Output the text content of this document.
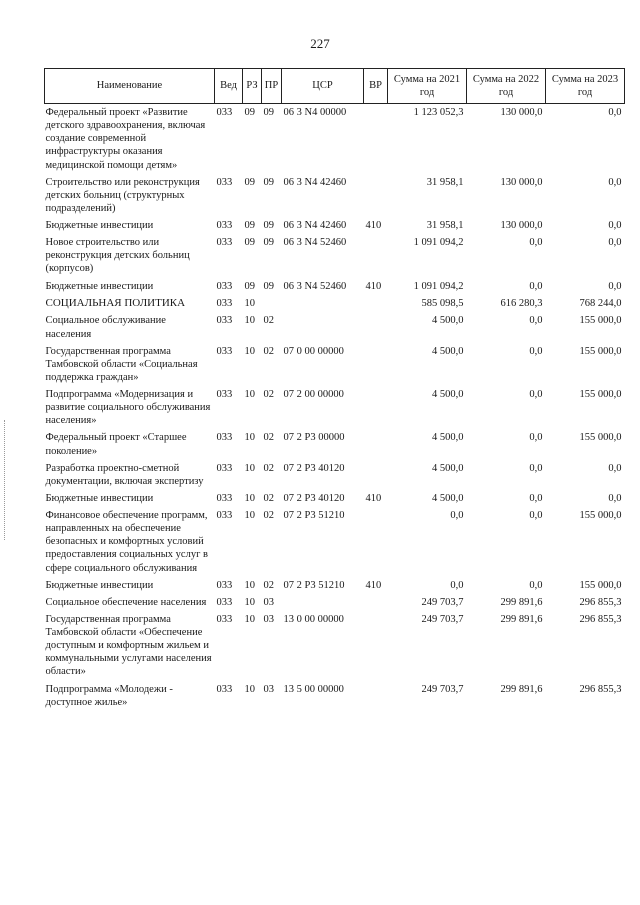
227
Наименование	Вед	РЗ	ПР	ЦСР	ВР	Сумма на 2021 год	Сумма на 2022 год	Сумма на 2023 год
Федеральный проект «Развитие детского здравоохранения, включая создание современной инфраструктуры оказания медицинской помощи детям»	033	09	09	06 3 N4 00000		1 123 052,3	130 000,0	0,0
Строительство или реконструкция детских больниц (структурных подразделений)	033	09	09	06 3 N4 42460		31 958,1	130 000,0	0,0
Бюджетные инвестиции	033	09	09	06 3 N4 42460	410	31 958,1	130 000,0	0,0
Новое строительство или реконструкция детских больниц (корпусов)	033	09	09	06 3 N4 52460		1 091 094,2	0,0	0,0
Бюджетные инвестиции	033	09	09	06 3 N4 52460	410	1 091 094,2	0,0	0,0
СОЦИАЛЬНАЯ ПОЛИТИКА	033	10				585 098,5	616 280,3	768 244,0
Социальное обслуживание населения	033	10	02			4 500,0	0,0	155 000,0
Государственная программа Тамбовской области «Социальная поддержка граждан»	033	10	02	07 0 00 00000		4 500,0	0,0	155 000,0
Подпрограмма «Модернизация и развитие социального обслуживания населения»	033	10	02	07 2 00 00000		4 500,0	0,0	155 000,0
Федеральный проект «Старшее поколение»	033	10	02	07 2 P3 00000		4 500,0	0,0	155 000,0
Разработка проектно-сметной документации, включая экспертизу	033	10	02	07 2 P3 40120		4 500,0	0,0	0,0
Бюджетные инвестиции	033	10	02	07 2 P3 40120	410	4 500,0	0,0	0,0
Финансовое обеспечение программ, направленных на обеспечение безопасных и комфортных условий предоставления социальных услуг в сфере социального обслуживания	033	10	02	07 2 P3 51210		0,0	0,0	155 000,0
Бюджетные инвестиции	033	10	02	07 2 P3 51210	410	0,0	0,0	155 000,0
Социальное обеспечение населения	033	10	03			249 703,7	299 891,6	296 855,3
Государственная программа Тамбовской области «Обеспечение доступным и комфортным жильем и коммунальными услугами населения области»	033	10	03	13 0 00 00000		249 703,7	299 891,6	296 855,3
Подпрограмма «Молодежи - доступное жилье»	033	10	03	13 5 00 00000		249 703,7	299 891,6	296 855,3
